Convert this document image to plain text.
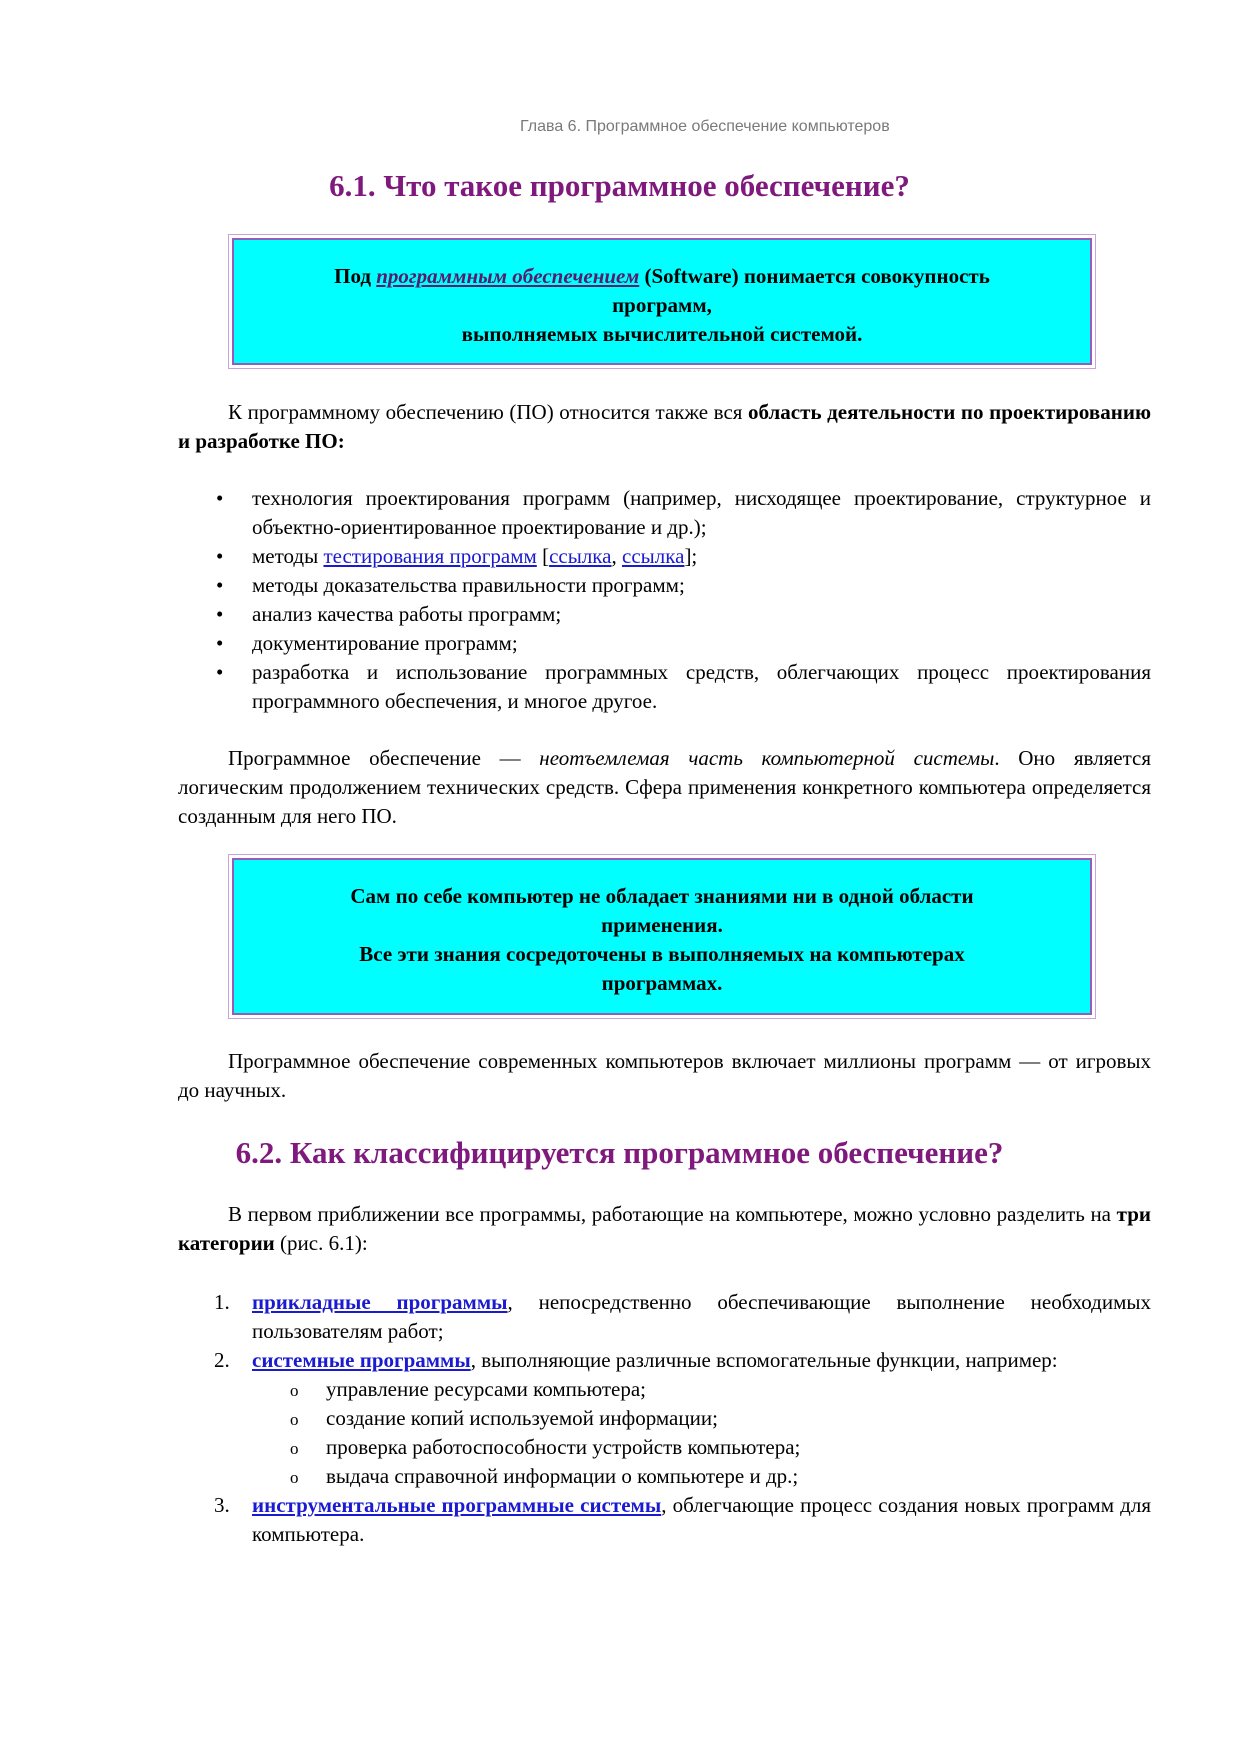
Глава 6. Программное обеспечение компьютеров
6.1. Что такое программное обеспечение?
Под программным обеспечением (Software) понимается совокупность
программ,
выполняемых вычислительной системой.

К программному обеспечению (ПО) относится также вся область деятельности по проектированию и разработке ПО:

• технология проектирования программ (например, нисходящее проектирование, структурное и объектно-ориентированное проектирование и др.);
• методы тестирования программ [ссылка, ссылка];
• методы доказательства правильности программ;
• анализ качества работы программ;
• документирование программ;
• разработка и использование программных средств, облегчающих процесс проектирования программного обеспечения, и многое другое.

Программное обеспечение — неотъемлемая часть компьютерной системы. Оно является логическим продолжением технических средств. Сфера применения конкретного компьютера определяется созданным для него ПО.

Сам по себе компьютер не обладает знаниями ни в одной области
применения.
Все эти знания сосредоточены в выполняемых на компьютерах
программах.

Программное обеспечение современных компьютеров включает миллионы программ — от игровых до научных.

6.2. Как классифицируется программное обеспечение?

В первом приближении все программы, работающие на компьютере, можно условно разделить на три категории (рис. 6.1):

1. прикладные программы, непосредственно обеспечивающие выполнение необходимых пользователям работ;
2. системные программы, выполняющие различные вспомогательные функции, например:
o управление ресурсами компьютера;
o создание копий используемой информации;
o проверка работоспособности устройств компьютера;
o выдача справочной информации о компьютере и др.;
3. инструментальные программные системы, облегчающие процесс создания новых программ для компьютера.
